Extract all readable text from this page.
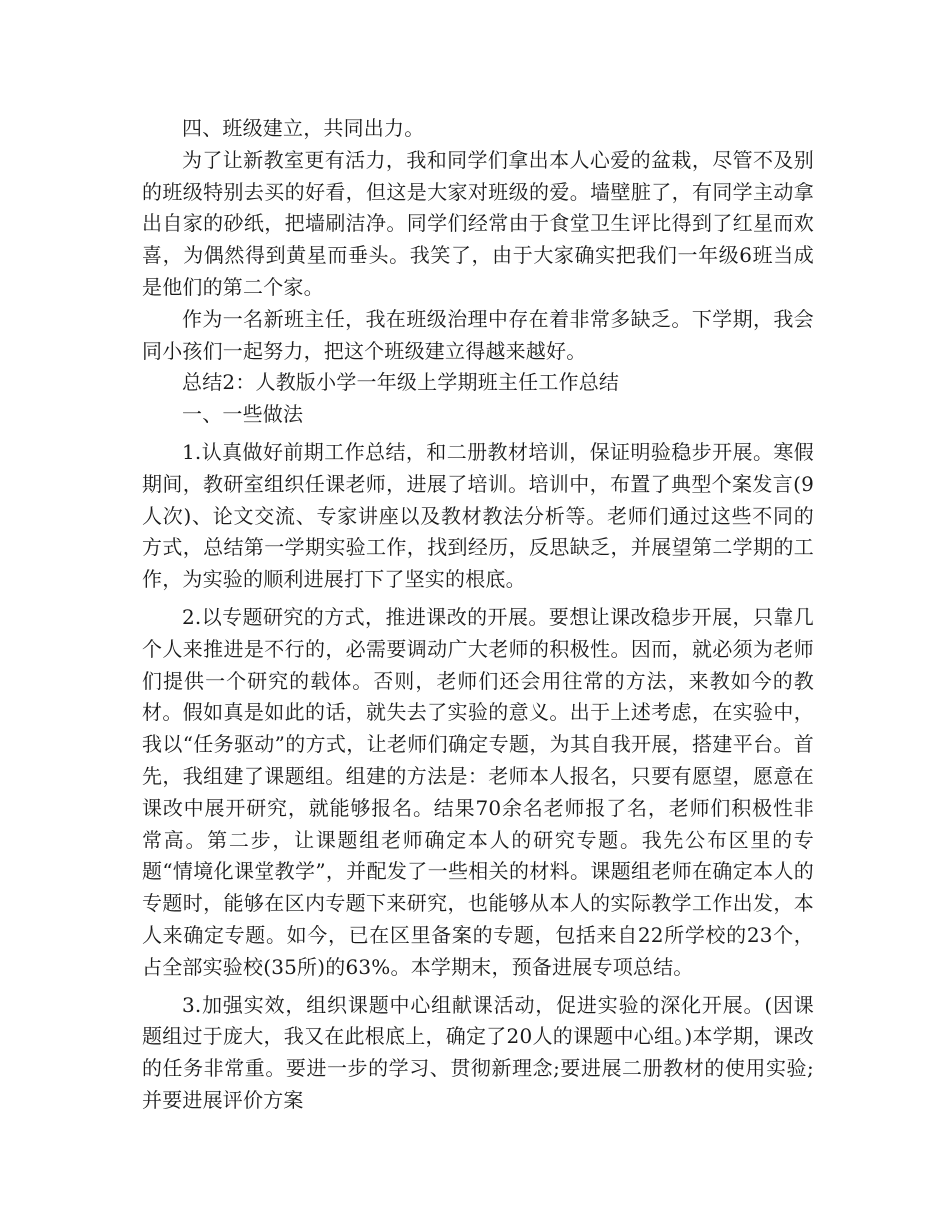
四、班级建立，共同出力。

为了让新教室更有活力，我和同学们拿出本人心爱的盆栽，尽管不及别的班级特别去买的好看，但这是大家对班级的爱。墙壁脏了，有同学主动拿出自家的砂纸，把墙刷洁净。同学们经常由于食堂卫生评比得到了红星而欢喜，为偶然得到黄星而垂头。我笑了，由于大家确实把我们一年级6班当成是他们的第二个家。

作为一名新班主任，我在班级治理中存在着非常多缺乏。下学期，我会同小孩们一起努力，把这个班级建立得越来越好。

总结2：人教版小学一年级上学期班主任工作总结

一、一些做法

1.认真做好前期工作总结，和二册教材培训，保证明验稳步开展。寒假期间，教研室组织任课老师，进展了培训。培训中，布置了典型个案发言(9人次)、论文交流、专家讲座以及教材教法分析等。老师们通过这些不同的方式，总结第一学期实验工作，找到经历，反思缺乏，并展望第二学期的工作，为实验的顺利进展打下了坚实的根底。

2.以专题研究的方式，推进课改的开展。要想让课改稳步开展，只靠几个人来推进是不行的，必需要调动广大老师的积极性。因而，就必须为老师们提供一个研究的载体。否则，老师们还会用往常的方法，来教如今的教材。假如真是如此的话，就失去了实验的意义。出于上述考虑，在实验中，我以“任务驱动”的方式，让老师们确定专题，为其自我开展，搭建平台。首先，我组建了课题组。组建的方法是：老师本人报名，只要有愿望，愿意在课改中展开研究，就能够报名。结果70余名老师报了名，老师们积极性非常高。第二步，让课题组老师确定本人的研究专题。我先公布区里的专题“情境化课堂教学”，并配发了一些相关的材料。课题组老师在确定本人的专题时，能够在区内专题下来研究，也能够从本人的实际教学工作出发，本人来确定专题。如今，已在区里备案的专题，包括来自22所学校的23个，占全部实验校(35所)的63%。本学期末，预备进展专项总结。

3.加强实效，组织课题中心组献课活动，促进实验的深化开展。(因课题组过于庞大，我又在此根底上，确定了20人的课题中心组。)本学期，课改的任务非常重。要进一步的学习、贯彻新理念;要进展二册教材的使用实验;并要进展评价方案
